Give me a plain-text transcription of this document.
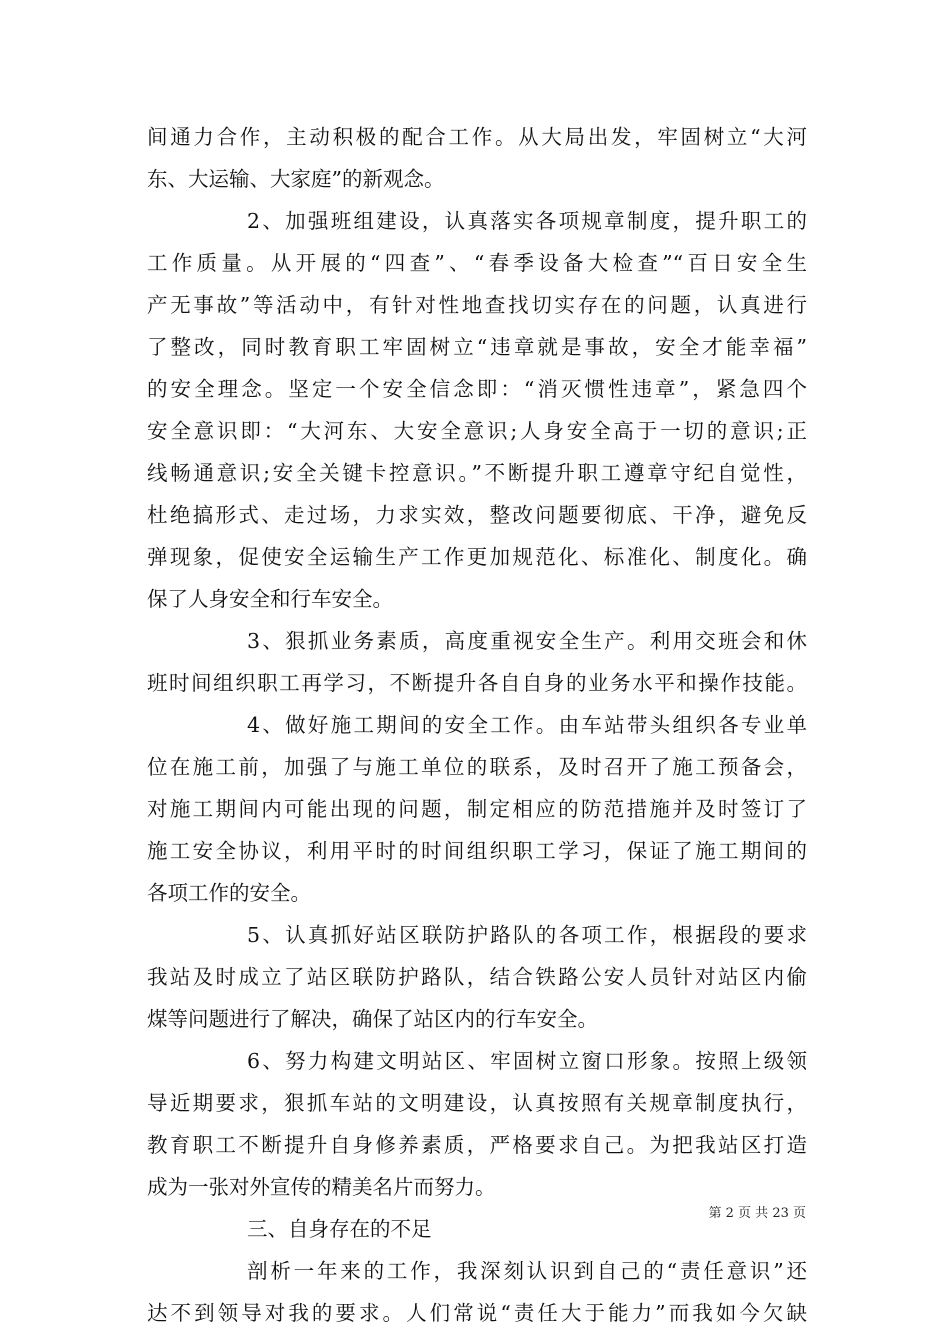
间通力合作，主动积极的配合工作。从大局出发，牢固树立“大河
东、大运输、大家庭”的新观念。
2、加强班组建设，认真落实各项规章制度，提升职工的
工作质量。从开展的“四查”、“春季设备大检查”“百日安全生
产无事故”等活动中，有针对性地查找切实存在的问题，认真进行
了整改，同时教育职工牢固树立“违章就是事故，安全才能幸福”
的安全理念。坚定一个安全信念即：“消灭惯性违章”，紧急四个
安全意识即：“大河东、大安全意识;人身安全高于一切的意识;正
线畅通意识;安全关键卡控意识。”不断提升职工遵章守纪自觉性，
杜绝搞形式、走过场，力求实效，整改问题要彻底、干净，避免反
弹现象，促使安全运输生产工作更加规范化、标准化、制度化。确
保了人身安全和行车安全。
3、狠抓业务素质，高度重视安全生产。利用交班会和休
班时间组织职工再学习，不断提升各自自身的业务水平和操作技能。
4、做好施工期间的安全工作。由车站带头组织各专业单
位在施工前，加强了与施工单位的联系，及时召开了施工预备会，
对施工期间内可能出现的问题，制定相应的防范措施并及时签订了
施工安全协议，利用平时的时间组织职工学习，保证了施工期间的
各项工作的安全。
5、认真抓好站区联防护路队的各项工作，根据段的要求
我站及时成立了站区联防护路队，结合铁路公安人员针对站区内偷
煤等问题进行了解决，确保了站区内的行车安全。
6、努力构建文明站区、牢固树立窗口形象。按照上级领
导近期要求，狠抓车站的文明建设，认真按照有关规章制度执行，
教育职工不断提升自身修养素质，严格要求自己。为把我站区打造
成为一张对外宣传的精美名片而努力。
三、自身存在的不足
剖析一年来的工作，我深刻认识到自己的“责任意识”还
达不到领导对我的要求。人们常说“责任大于能力”而我如今欠缺
第 2 页 共 23 页
